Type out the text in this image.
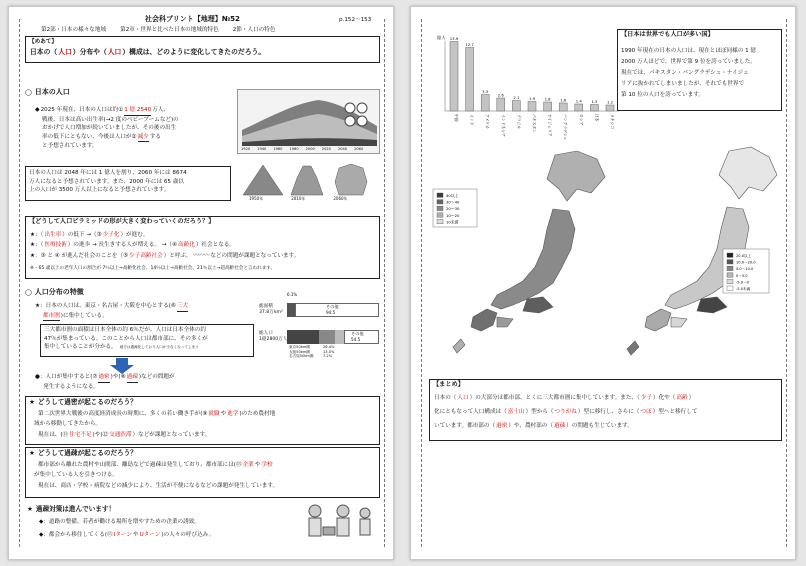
社会科プリント【地理】№52	p.152～153
第2部・日本の様々な地域	第2章・世界と比べた日本の地域的特色	2節・人口の特色
【めあて】
日本の（ 人口 ）分布や（ 人口 ）構成は、どのように変化してきたのだろう。
◯ 日本の人口
◆ 2025 年現在、日本の人口は約① 1 億 2540 万人、
戦後、日本は高い出生率(→2 度のベビーブームなど)の
おかげで人口増加が続いていましたが、その後の出生
率の低下にともない、今後は人口が② 減少 する
と予想されています。	1920 1940 1960 1980 2000 2020 2040 2060
日本の人口は 2048 年には 1 億人を割り、2060 年には 8674
万人になると予想されています。また、2000 年には 65 歳以
上の人口が 3500 万人以上になると予想されています。
1950年	2010年	2060年
【どうして人口ピラミッドの形が大きく変わっていくのだろう？】
★：（ 出生率 ）の低下 →（③ 少子化 ）が進む。
★：（ 医療技術 ）の進歩 → 長生きする人が増える。 →（④ 高齢化 ）社会となる。
★：③ と ④ が進んだ社会のことを（⑤ 少子高齢社会 ）と呼ぶ。 〰〰〰 などの問題が課題となっています。
※・65 歳以上の老年人口の割合が 7％以上→高齢化社会、14％以上→高齢社会、21％以上→超高齢社会と言われます。
◯ 人口分布の特徴
★：日本の人口は、東京・名古屋・大阪を中心とする(⑥ 三大
都市圏 )に集中している。
三大都市圏の面積は日本全体の約 6％だが、人口は日本全体の約
47％が集まっている。このことから人口は都市部に、その多くが
集中していることが分かる。 地方は過疎化しており人口が少なくなってしまう
総面積
37.8万km²
6.1%
その他
94.5
総人口
1億2800万人
その他
54.5
東京50km圏
大阪50km圏
名古屋50km圏
26.4%
13.0%
7.2%
●：人口が集中すると(⑦ 過密 )や(⑧ 過疎 )などの問題が
発生するようになる。
★ どうして過密が起こるのだろう？
第二次世界大戦後の高度経済成長の時期に、多くの若い働き手が(⑨ 就職 や 進学 )のため農村地
域から移動してきたから。
現在は、(⑪ 住宅不足 )や(⑫ 交通渋滞 ）などが課題となっています。
★ どうして過疎が起こるのだろう？
都市部から離れた農村や山間部、離島などで過疎は発生しており、都市部には(⑬ 企業 や 学校
が集中している人を引きつける。
現在は、商店・学校・病院などの減少により、生活が不便になるなどの課題が発生しています。
★ 過疎対策は進んでいます！
◆：道路の整備、若者が働ける場所を増やすための企業の誘致。
◆：都会から移住してくる(⑮ Iターン や Uターン )の人々の呼び込み。
億人 13.9
中国
12.7
インド
3.3
アメリカ
2.6
インドネシア
2.1
ブラジル
1.9
パキスタン
1.8
ナイジェリア
1.6
バングラデシュ
1.4
ロシア
1.3
日本
1.2
メキシコ
【日本は世界でも人口が多い国】
1990 年現在の日本の人口は、現在とほぼ同様の 1 億
2000 万人ほどで、世界で第 9 位を誇っていました。
現在では、パキスタン・バングラデシュ・ナイジェ
リアに抜かれてしまいましたが、それでも世界で
第 10 位の人口を誇っています。
40以上
30～40
20～30
10～20
10未満
20.0以上
10.0～20.0
5.0～10.0
0～5.0
-5.0～0
-5.0未満
【まとめ】
日本の（ 人口 ）の大部分は都市部、とくに三大都市圏に集中しています。また、（ 少子 ）化や（ 高齢 ）
化にともなって人口構成は（ 富士山 ）型から（ つりがね ）型に移行し、さらに（ つぼ ）型へと移行して
いています。都市部の（ 過密 ）や、農村部の（ 過疎 ）の問題も生じています。
